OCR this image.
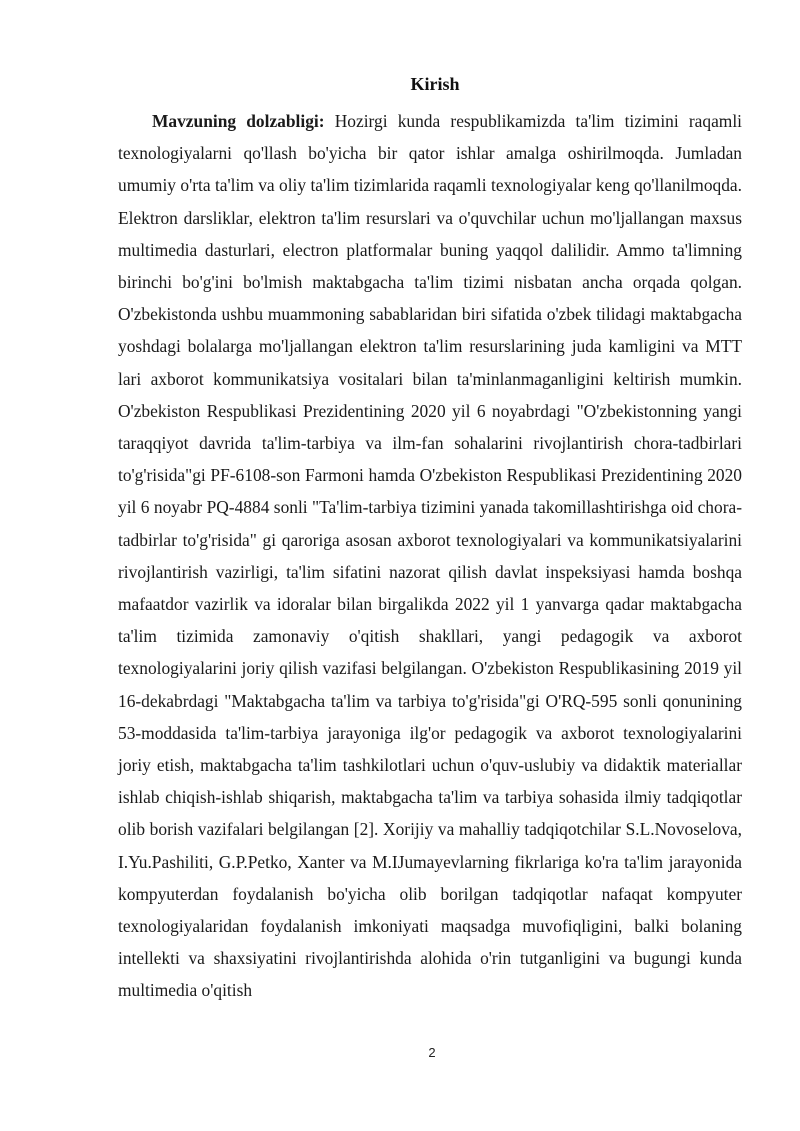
Kirish

Mavzuning dolzabligi: Hozirgi kunda respublikamizda ta'lim tizimini raqamli texnologiyalarni qo'llash bo'yicha bir qator ishlar amalga oshirilmoqda. Jumladan umumiy o'rta ta'lim va oliy ta'lim tizimlarida raqamli texnologiyalar keng qo'llanilmoqda. Elektron darsliklar, elektron ta'lim resurslari va o'quvchilar uchun mo'ljallangan maxsus multimedia dasturlari, electron platformalar buning yaqqol dalilidir. Ammo ta'limning birinchi bo'g'ini bo'lmish maktabgacha ta'lim tizimi nisbatan ancha orqada qolgan. O'zbekistonda ushbu muammoning sabablaridan biri sifatida o'zbek tilidagi maktabgacha yoshdagi bolalarga mo'ljallangan elektron ta'lim resurslarining juda kamligini va MTT lari axborot kommunikatsiya vositalari bilan ta'minlanmaganligini keltirish mumkin. O'zbekiston Respublikasi Prezidentining 2020 yil 6 noyabrdagi "O'zbekistonning yangi taraqqiyot davrida ta'lim-tarbiya va ilm-fan sohalarini rivojlantirish chora-tadbirlari to'g'risida"gi PF-6108-son Farmoni hamda O'zbekiston Respublikasi Prezidentining 2020 yil 6 noyabr PQ-4884 sonli "Ta'lim-tarbiya tizimini yanada takomillashtirishga oid chora-tadbirlar to'g'risida" gi qaroriga asosan axborot texnologiyalari va kommunikatsiyalarini rivojlantirish vazirligi, ta'lim sifatini nazorat qilish davlat inspeksiyasi hamda boshqa mafaatdor vazirlik va idoralar bilan birgalikda 2022 yil 1 yanvarga qadar maktabgacha ta'lim tizimida zamonaviy o'qitish shakllari, yangi pedagogik va axborot texnologiyalarini joriy qilish vazifasi belgilangan. O'zbekiston Respublikasining 2019 yil 16-dekabrdagi "Maktabgacha ta'lim va tarbiya to'g'risida"gi O'RQ-595 sonli qonunining 53-moddasida ta'lim-tarbiya jarayoniga ilg'or pedagogik va axborot texnologiyalarini joriy etish, maktabgacha ta'lim tashkilotlari uchun o'quv-uslubiy va didaktik materiallar ishlab chiqish-ishlab shiqarish, maktabgacha ta'lim va tarbiya sohasida ilmiy tadqiqotlar olib borish vazifalari belgilangan [2]. Xorijiy va mahalliy tadqiqotchilar S.L.Novoselova, I.Yu.Pashiliti, G.P.Petko, Xanter va M.IJumayevlarning fikrlariga ko'ra ta'lim jarayonida kompyuterdan foydalanish bo'yicha olib borilgan tadqiqotlar nafaqat kompyuter texnologiyalaridan foydalanish imkoniyati maqsadga muvofiqligini, balki bolaning intellekti va shaxsiyatini rivojlantirishda alohida o'rin tutganligini va bugungi kunda multimedia o'qitish

2
